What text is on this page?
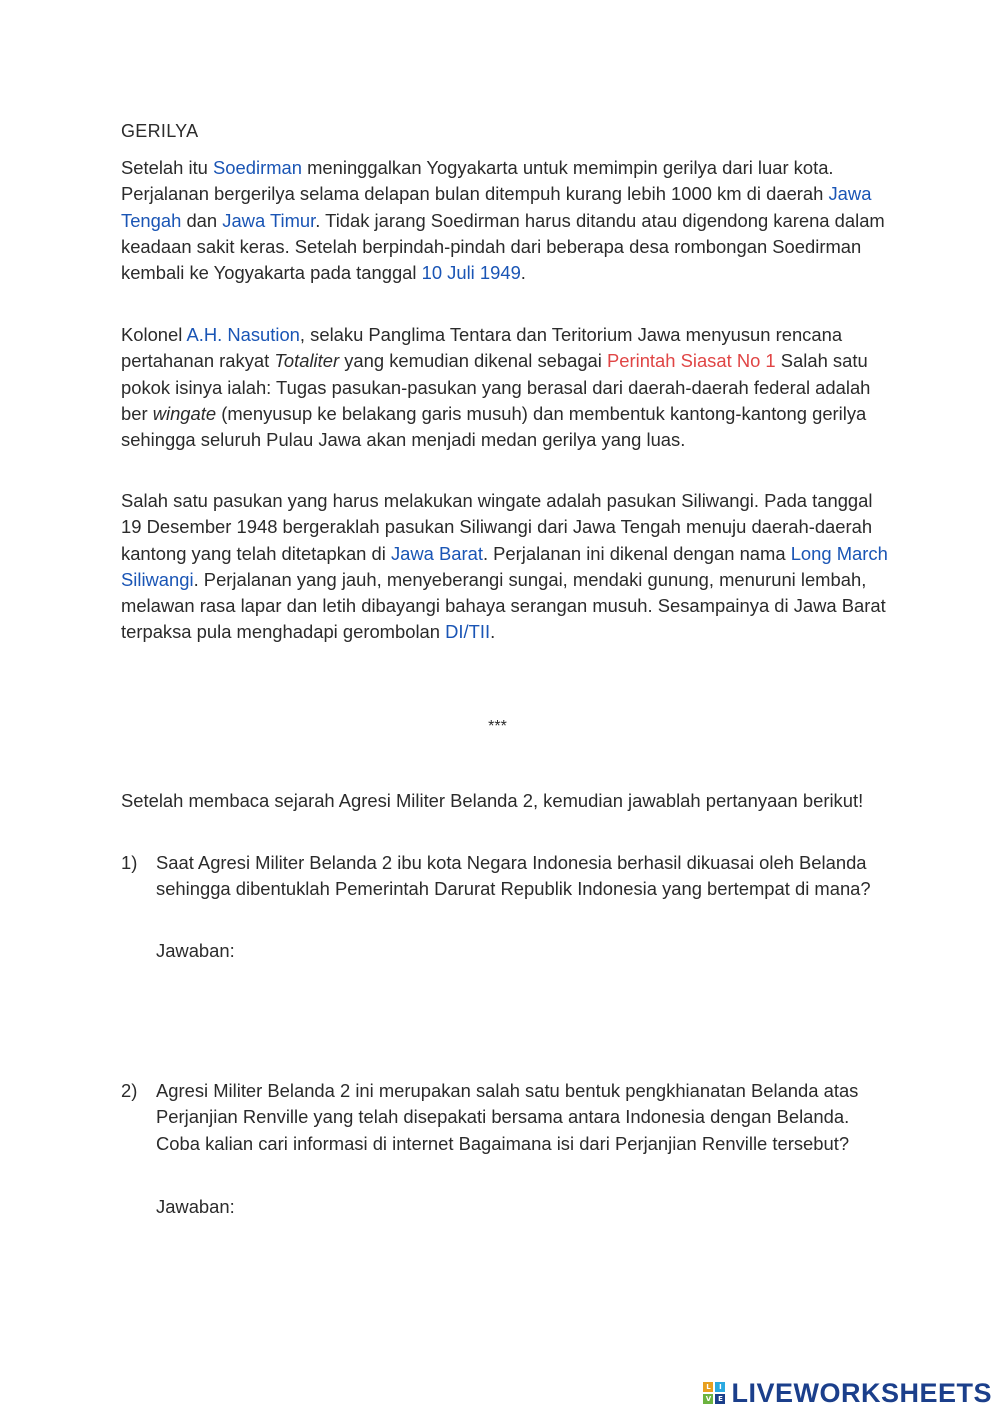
GERILYA

Setelah itu Soedirman meninggalkan Yogyakarta untuk memimpin gerilya dari luar kota. Perjalanan bergerilya selama delapan bulan ditempuh kurang lebih 1000 km di daerah Jawa Tengah dan Jawa Timur. Tidak jarang Soedirman harus ditandu atau digendong karena dalam keadaan sakit keras. Setelah berpindah-pindah dari beberapa desa rombongan Soedirman kembali ke Yogyakarta pada tanggal 10 Juli 1949.

Kolonel A.H. Nasution, selaku Panglima Tentara dan Teritorium Jawa menyusun rencana pertahanan rakyat Totaliter yang kemudian dikenal sebagai Perintah Siasat No 1 Salah satu pokok isinya ialah: Tugas pasukan-pasukan yang berasal dari daerah-daerah federal adalah ber wingate (menyusup ke belakang garis musuh) dan membentuk kantong-kantong gerilya sehingga seluruh Pulau Jawa akan menjadi medan gerilya yang luas.

Salah satu pasukan yang harus melakukan wingate adalah pasukan Siliwangi. Pada tanggal 19 Desember 1948 bergeraklah pasukan Siliwangi dari Jawa Tengah menuju daerah-daerah kantong yang telah ditetapkan di Jawa Barat. Perjalanan ini dikenal dengan nama Long March Siliwangi. Perjalanan yang jauh, menyeberangi sungai, mendaki gunung, menuruni lembah, melawan rasa lapar dan letih dibayangi bahaya serangan musuh. Sesampainya di Jawa Barat terpaksa pula menghadapi gerombolan DI/TII.

***

Setelah membaca sejarah Agresi Militer Belanda 2, kemudian jawablah pertanyaan berikut!

1) Saat Agresi Militer Belanda 2 ibu kota Negara Indonesia berhasil dikuasai oleh Belanda sehingga dibentuklah Pemerintah Darurat Republik Indonesia yang bertempat di mana?

Jawaban:
2) Agresi Militer Belanda 2 ini merupakan salah satu bentuk pengkhianatan Belanda atas Perjanjian Renville yang telah disepakati bersama antara Indonesia dengan Belanda. Coba kalian cari informasi di internet Bagaimana isi dari Perjanjian Renville tersebut?

Jawaban:
L	I
V E LIVEWORKSHEETS
